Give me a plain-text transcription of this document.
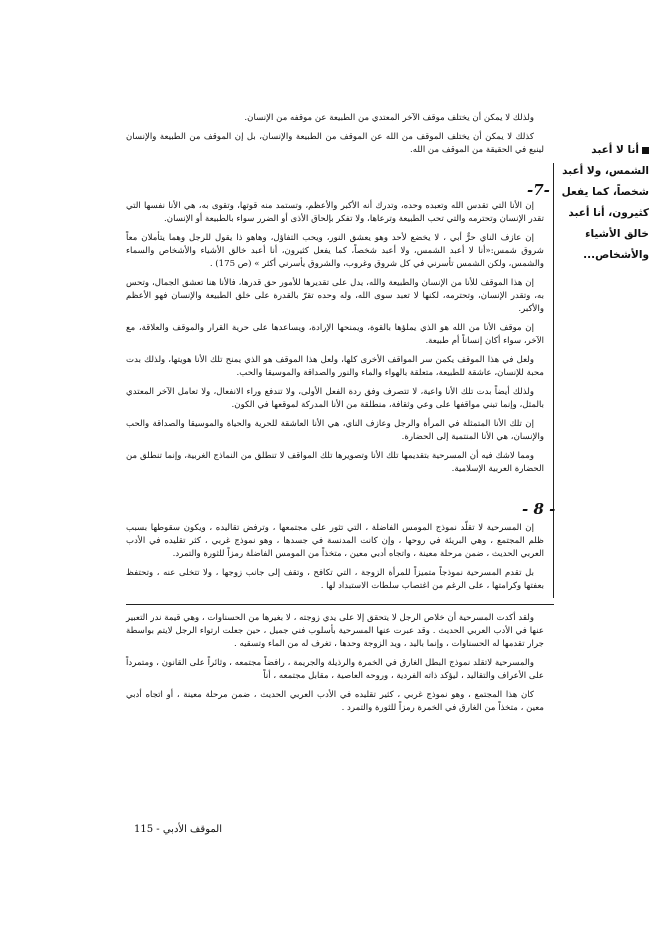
أنا لا أعبد الشمس، ولا أعبد شخصاً، كما يفعل كثيرون، أنا أعبد خالق الأشياء والأشخاص...

ولذلك لا يمكن أن يختلف موقف الآخر المعتدي من الطبيعة عن موقفه من الإنسان.

كذلك لا يمكن أن يختلف الموقف من الله عن الموقف من الطبيعة والإنسان، بل إن الموقف من الطبيعة والإنسان لينبع في الحقيقة من الموقف من الله.

-7-

إن الأنا التي تقدس الله وتعبده وحده، وتدرك أنه الأكبر والأعظم، وتستمد منه قوتها، وتقوى به، هي الأنا نفسها التي تقدر الإنسان وتحترمه والتي تحب الطبيعة وترعاها، ولا تفكر بإلحاق الأذى أو الضرر سواء بالطبيعة أو الإنسان.

إن عازف الناي حرٌّ أبي ، لا يخضع لأحد وهو يعشق النور، ويحب التفاؤل، وهاهو ذا يقول للرجل وهما يتأملان معاً شروق شمس:«أنا لا أعبد الشمس، ولا أعبد شخصاً، كما يفعل كثيرون، أنا أعبد خالق الأشياء والأشخاص والسماء والشمس، ولكن الشمس تأسرني في كل شروق وغروب، والشروق يأسرني أكثر » (ص 175) .

إن هذا الموقف للأنا من الإنسان والطبيعة والله، يدل على تقديرها للأمور حق قدرها، فالأنا هنا تعشق الجمال، وتحس به، وتقدر الإنسان، وتحترمه، لكنها لا تعبد سوى الله، وله وحده تقرّ بالقدرة على خلق الطبيعة والإنسان فهو الأعظم والأكبر.

إن موقف الأنا من الله هو الذي يملؤها بالقوة، ويمنحها الإرادة، ويساعدها على حرية القرار والموقف والعلاقة، مع الآخر، سواء أكان إنساناً أم طبيعة.

ولعل في هذا الموقف يكمن سر المواقف الأخرى كلها، ولعل هذا الموقف هو الذي يمنح تلك الأنا هويتها، ولذلك بدت محبة للإنسان، عاشقة للطبيعة، متعلقة بالهواء والماء والنور والصداقة والموسيقا والحب.

ولذلك أيضاً بدت تلك الأنا واعية، لا تتصرف وفق ردة الفعل الأولى، ولا تندفع وراء الانفعال، ولا تعامل الآخر المعتدي بالمثل، وإنما تبني مواقفها على وعي وثقافة، منطلقة من الأنا المدركة لموقعها في الكون.

إن تلك الأنا المتمثلة في المرأة والرجل وعازف الناي، هي الأنا العاشقة للحرية والحياة والموسيقا والصداقة والحب والإنسان، هي الأنا المنتمية إلى الحضارة.

ومما لاشك فيه أن المسرحية بتقديمها تلك الأنا وتصويرها تلك المواقف لا تنطلق من النماذج الغربية، وإنما تنطلق من الحضارة العربية الإسلامية.

- 8 -

إن المسرحية لا تقلّد نموذج المومس الفاضلة ، التي تثور على مجتمعها ، وترفض تقاليده ، ويكون سقوطها بسبب ظلم المجتمع ، وهي البريئة في روحها ، وإن كانت المدنسة في جسدها ، وهو نموذج غربي ، كثر تقليده في الأدب العربي الحديث ، ضمن مرحلة معينة ، واتجاه أدبي معين ، متخذاً من المومس الفاضلة رمزاً للثورة والتمرد.

بل تقدم المسرحية نموذجاً متميزاً للمرأة الزوجة ، التي تكافح ، وتقف إلى جانب زوجها ، ولا تتخلى عنه ، وتحتفظ بعفتها وكرامتها ، على الرغم من اغتصاب سلطات الاستبداد لها .

ولقد أكدت المسرحية أن خلاص الرجل لا يتحقق إلا على يدي زوجته ، لا بغيرها من الحسناوات ، وهي قيمة ندر التعبير عنها في الأدب العربي الحديث . وقد عبرت عنها المسرحية بأسلوب فني جميل ، حين جعلت ارتواء الرجل لايتم بواسطة جرار تقدمها له الحسناوات ، وإنما باليد ، ويد الزوجة وحدها ، تغرف له من الماء وتسقيه .

والمسرحية لاتقلد نموذج البطل الغارق في الخمرة والرذيلة والجريمة ، رافضاً مجتمعه ، وثائراً على القانون ، ومتمرداً على الأعراف والتقاليد ، ليؤكد ذاته الفردية ، وروحه العاصية ، مقابل مجتمعه ، أناً

كان هذا المجتمع ، وهو نموذج غربي ، كثير تقليده في الأدب العربي الحديث ، ضمن مرحلة معينة ، أو اتجاه أدبي معين ، متخذاً من الغارق في الخمرة رمزاً للثورة والتمرد .

الموقف الأدبي - 115
